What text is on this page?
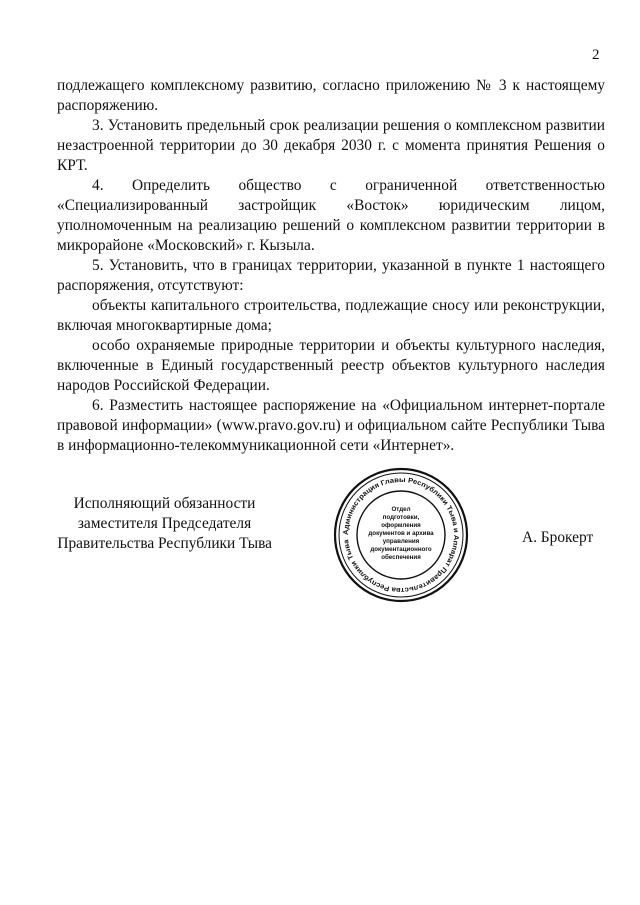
2

подлежащего комплексному развитию, согласно приложению № 3 к настоящему распоряжению.

3. Установить предельный срок реализации решения о комплексном развитии незастроенной территории до 30 декабря 2030 г. с момента принятия Решения о КРТ.

4. Определить общество с ограниченной ответственностью «Специализированный застройщик «Восток» юридическим лицом, уполномоченным на реализацию решений о комплексном развитии территории в микрорайоне «Московский» г. Кызыла.

5. Установить, что в границах территории, указанной в пункте 1 настоящего распоряжения, отсутствуют:

объекты капитального строительства, подлежащие сносу или реконструкции, включая многоквартирные дома;

особо охраняемые природные территории и объекты культурного наследия, включенные в Единый государственный реестр объектов культурного наследия народов Российской Федерации.

6. Разместить настоящее распоряжение на «Официальном интернет-портале правовой информации» (www.pravo.gov.ru) и официальном сайте Республики Тыва в информационно-телекоммуникационной сети «Интернет».

Исполняющий обязанности
заместителя Председателя
Правительства Республики Тыва
Администрация Главы Республики Тыва и Аппарат Правительства Республики Тыва
Отдел
подготовки,
оформления
документов и архива
управления
документационного
обеспечения
А. Брокерт
